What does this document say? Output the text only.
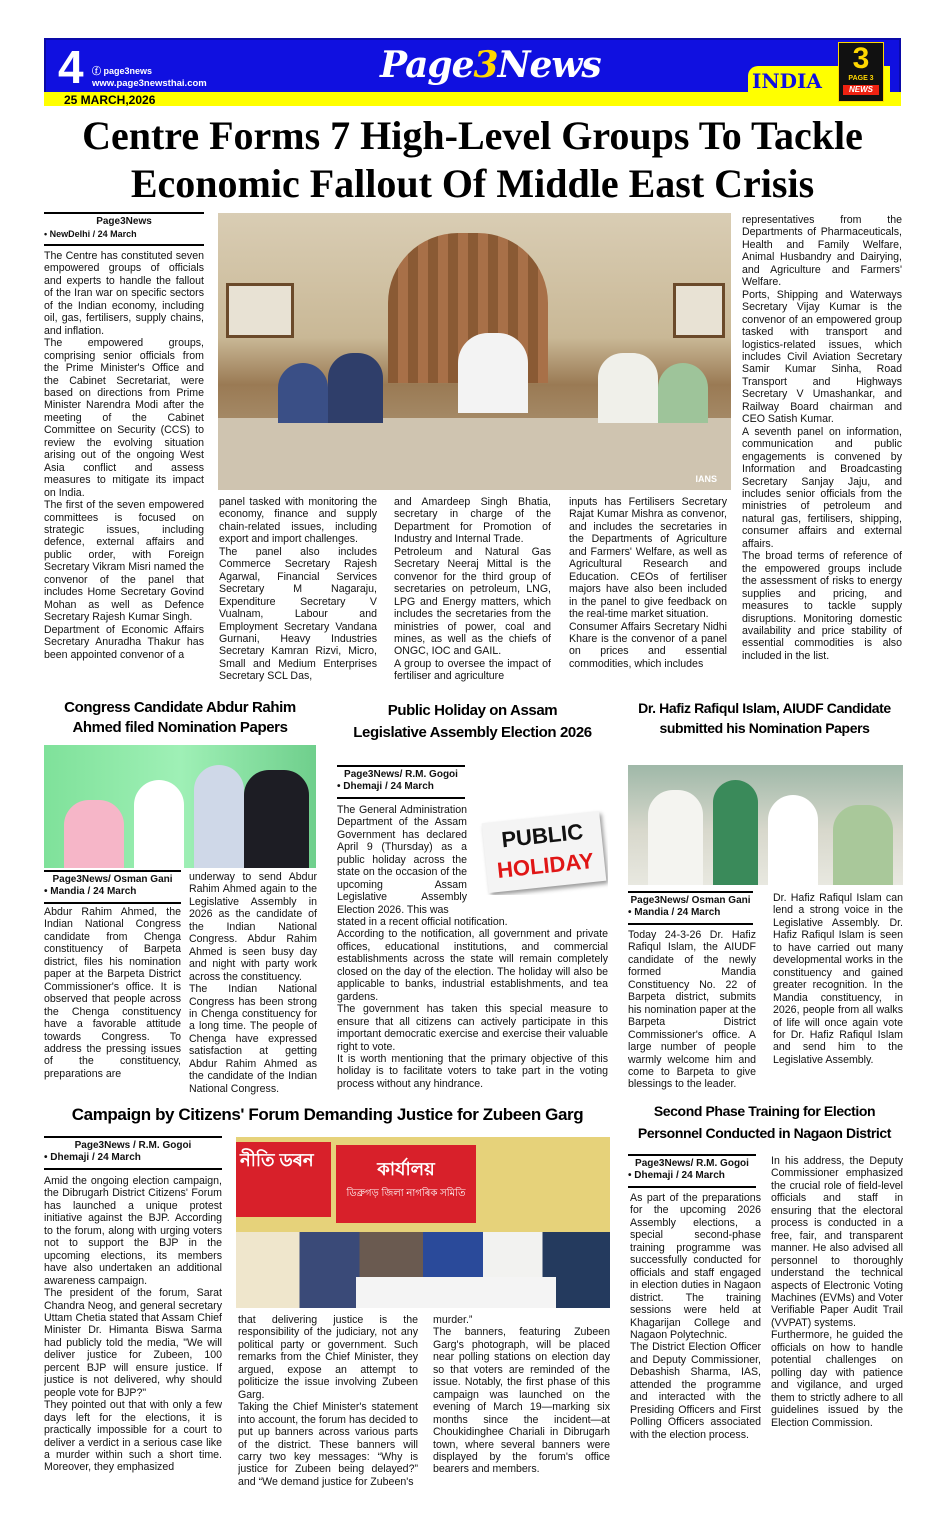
4 ⓕ page3news
www.page3newsthai.com
25 MARCH,2026
Page3News	INDIA
3
PAGE 3
NEWS
Centre Forms 7 High-Level Groups To Tackle Economic Fallout Of Middle East Crisis
Page3News
• NewDelhi / 24 March

The Centre has constituted seven empowered groups of officials and experts to handle the fallout of the Iran war on specific sectors of the Indian economy, including oil, gas, fertilisers, supply chains, and inflation.

The empowered groups, comprising senior officials from the Prime Minister's Office and the Cabinet Secretariat, were based on directions from Prime Minister Narendra Modi after the meeting of the Cabinet Committee on Security (CCS) to review the evolving situation arising out of the ongoing West Asia conflict and assess measures to mitigate its impact on India.

The first of the seven empowered committees is focused on strategic issues, including defence, external affairs and public order, with Foreign Secretary Vikram Misri named the convenor of the panel that includes Home Secretary Govind Mohan as well as Defence Secretary Rajesh Kumar Singh.

Department of Economic Affairs Secretary Anuradha Thakur has been appointed convenor of a

IANS

panel tasked with monitoring the economy, finance and supply chain-related issues, including export and import challenges.

The panel also includes Commerce Secretary Rajesh Agarwal, Financial Services Secretary M Nagaraju, Expenditure Secretary V Vualnam, Labour and Employment Secretary Vandana Gurnani, Heavy Industries Secretary Kamran Rizvi, Micro, Small and Medium Enterprises Secretary SCL Das,

and Amardeep Singh Bhatia, secretary in charge of the Department for Promotion of Industry and Internal Trade.

Petroleum and Natural Gas Secretary Neeraj Mittal is the convenor for the third group of secretaries on petroleum, LNG, LPG and Energy matters, which includes the secretaries from the ministries of power, coal and mines, as well as the chiefs of ONGC, IOC and GAIL.

A group to oversee the impact of fertiliser and agriculture

inputs has Fertilisers Secretary Rajat Kumar Mishra as convenor, and includes the secretaries in the Departments of Agriculture and Farmers' Welfare, as well as Agricultural Research and Education. CEOs of fertiliser majors have also been included in the panel to give feedback on the real-time market situation.

Consumer Affairs Secretary Nidhi Khare is the convenor of a panel on prices and essential commodities, which includes

representatives from the Departments of Pharmaceuticals, Health and Family Welfare, Animal Husbandry and Dairying, and Agriculture and Farmers' Welfare.

Ports, Shipping and Waterways Secretary Vijay Kumar is the convenor of an empowered group tasked with transport and logistics-related issues, which includes Civil Aviation Secretary Samir Kumar Sinha, Road Transport and Highways Secretary V Umashankar, and Railway Board chairman and CEO Satish Kumar.

A seventh panel on information, communication and public engagements is convened by Information and Broadcasting Secretary Sanjay Jaju, and includes senior officials from the ministries of petroleum and natural gas, fertilisers, shipping, consumer affairs and external affairs.

The broad terms of reference of the empowered groups include the assessment of risks to energy supplies and pricing, and measures to tackle supply disruptions. Monitoring domestic availability and price stability of essential commodities is also included in the list.

Congress Candidate Abdur Rahim
Ahmed filed Nomination Papers
Page3News/ Osman Gani
• Mandia / 24 March

Abdur Rahim Ahmed, the Indian National Congress candidate from Chenga constituency of Barpeta district, files his nomination paper at the Barpeta District Commissioner's office. It is observed that people across the Chenga constituency have a favorable attitude towards Congress. To address the pressing issues of the constituency, preparations are

underway to send Abdur Rahim Ahmed again to the Legislative Assembly in 2026 as the candidate of the Indian National Congress. Abdur Rahim Ahmed is seen busy day and night with party work across the constituency.

The Indian National Congress has been strong in Chenga constituency for a long time. The people of Chenga have expressed satisfaction at getting Abdur Rahim Ahmed as the candidate of the Indian National Congress.

Public Holiday on Assam
Legislative Assembly Election 2026
Page3News/ R.M. Gogoi
• Dhemaji / 24 March
PUBLIC
HOLIDAY

The General Administration Department of the Assam Government has declared April 9 (Thursday) as a public holiday across the state on the occasion of the upcoming Assam Legislative Assembly Election 2026. This was

stated in a recent official notification.

According to the notification, all government and private offices, educational institutions, and commercial establishments across the state will remain completely closed on the day of the election. The holiday will also be applicable to banks, industrial establishments, and tea gardens.

The government has taken this special measure to ensure that all citizens can actively participate in this important democratic exercise and exercise their valuable right to vote.

It is worth mentioning that the primary objective of this holiday is to facilitate voters to take part in the voting process without any hindrance.

Dr. Hafiz Rafiqul Islam, AIUDF Candidate
submitted his Nomination Papers
Page3News/ Osman Gani
• Mandia / 24 March

Today 24-3-26 Dr. Hafiz Rafiqul Islam, the AIUDF candidate of the newly formed Mandia Constituency No. 22 of Barpeta district, submits his nomination paper at the Barpeta District Commissioner's office. A large number of people warmly welcome him and come to Barpeta to give blessings to the leader.

Dr. Hafiz Rafiqul Islam can lend a strong voice in the Legislative Assembly. Dr. Hafiz Rafiqul Islam is seen to have carried out many developmental works in the constituency and gained greater recognition. In the Mandia constituency, in 2026, people from all walks of life will once again vote for Dr. Hafiz Rafiqul Islam and send him to the Legislative Assembly.

Campaign by Citizens' Forum Demanding Justice for Zubeen Garg
Page3News / R.M. Gogoi
• Dhemaji / 24 March

Amid the ongoing election campaign, the Dibrugarh District Citizens' Forum has launched a unique protest initiative against the BJP. According to the forum, along with urging voters not to support the BJP in the upcoming elections, its members have also undertaken an additional awareness campaign.

The president of the forum, Sarat Chandra Neog, and general secretary Uttam Chetia stated that Assam Chief Minister Dr. Himanta Biswa Sarma had publicly told the media, "We will deliver justice for Zubeen, 100 percent BJP will ensure justice. If justice is not delivered, why should people vote for BJP?"

They pointed out that with only a few days left for the elections, it is practically impossible for a court to deliver a verdict in a serious case like a murder within such a short time. Moreover, they emphasized

নীতি ডৰন	কাৰ্যালয়
ডিব্ৰুগড় জিলা নাগৰিক সমিতি

that delivering justice is the responsibility of the judiciary, not any political party or government. Such remarks from the Chief Minister, they argued, expose an attempt to politicize the issue involving Zubeen Garg.

Taking the Chief Minister's statement into account, the forum has decided to put up banners across various parts of the district. These banners will carry two key messages: “Why is justice for Zubeen being delayed?” and “We demand justice for Zubeen's

murder.”

The banners, featuring Zubeen Garg's photograph, will be placed near polling stations on election day so that voters are reminded of the issue. Notably, the first phase of this campaign was launched on the evening of March 19—marking six months since the incident—at Choukidinghee Chariali in Dibrugarh town, where several banners were displayed by the forum's office bearers and members.

Second Phase Training for Election
Personnel Conducted in Nagaon District
Page3News/ R.M. Gogoi
• Dhemaji / 24 March

As part of the preparations for the upcoming 2026 Assembly elections, a special second-phase training programme was successfully conducted for officials and staff engaged in election duties in Nagaon district. The training sessions were held at Khagarijan College and Nagaon Polytechnic.

The District Election Officer and Deputy Commissioner, Debashish Sharma, IAS, attended the programme and interacted with the Presiding Officers and First Polling Officers associated with the election process.

In his address, the Deputy Commissioner emphasized the crucial role of field-level officials and staff in ensuring that the electoral process is conducted in a free, fair, and transparent manner. He also advised all personnel to thoroughly understand the technical aspects of Electronic Voting Machines (EVMs) and Voter Verifiable Paper Audit Trail (VVPAT) systems.

Furthermore, he guided the officials on how to handle potential challenges on polling day with patience and vigilance, and urged them to strictly adhere to all guidelines issued by the Election Commission.
